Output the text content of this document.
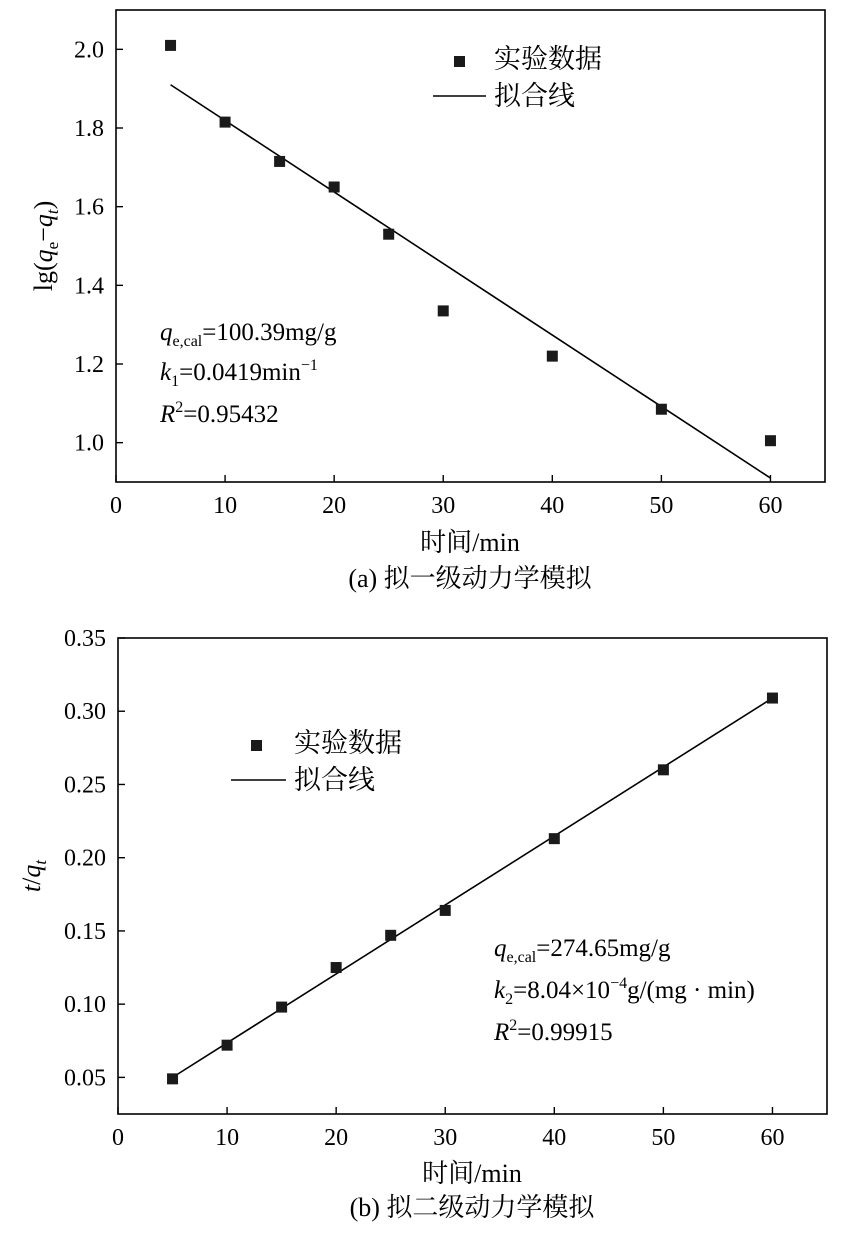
0	10	20	30	40	50	60
1.0
1.2
1.4
1.6
1.8
2.0
$\lg(q_e-q_t)$
时间/min
(a) 拟一级动力学模拟
实验数据
拟合线
$q_{e,cal}=100.39mg/g$
$k_1=0.0419\min^{-1}$
$R^2=0.95432$
0	10	20	30	40	50	60
0.05
0.10
0.15
0.20
0.25
0.30
0.35
$t/q_t$
时间/min
(b) 拟二级动力学模拟
实验数据
拟合线
$q_{e,cal}=274.65mg/g$
$k_2=8.04\times 10^{-4}g/(mg \cdot \min)$
$R^2=0.99915$
